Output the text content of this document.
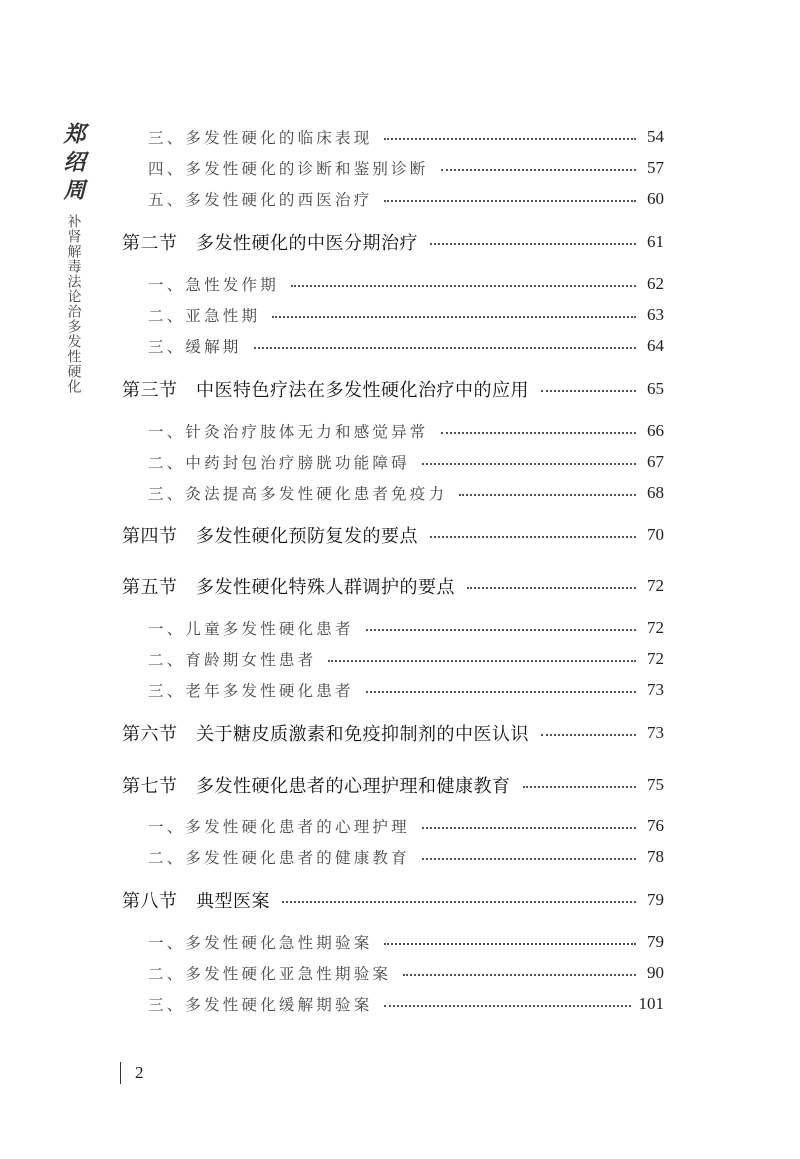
郑绍周
补肾解毒法论治多发性硬化
三、多发性硬化的临床表现	54
四、多发性硬化的诊断和鉴别诊断	57
五、多发性硬化的西医治疗	60
第二节　多发性硬化的中医分期治疗	61
一、急性发作期	62
二、亚急性期	63
三、缓解期	64
第三节　中医特色疗法在多发性硬化治疗中的应用	65
一、针灸治疗肢体无力和感觉异常	66
二、中药封包治疗膀胱功能障碍	67
三、灸法提高多发性硬化患者免疫力	68
第四节　多发性硬化预防复发的要点	70
第五节　多发性硬化特殊人群调护的要点	72
一、儿童多发性硬化患者	72
二、育龄期女性患者	72
三、老年多发性硬化患者	73
第六节　关于糖皮质激素和免疫抑制剂的中医认识	73
第七节　多发性硬化患者的心理护理和健康教育	75
一、多发性硬化患者的心理护理	76
二、多发性硬化患者的健康教育	78
第八节　典型医案	79
一、多发性硬化急性期验案	79
二、多发性硬化亚急性期验案	90
三、多发性硬化缓解期验案	101
2
